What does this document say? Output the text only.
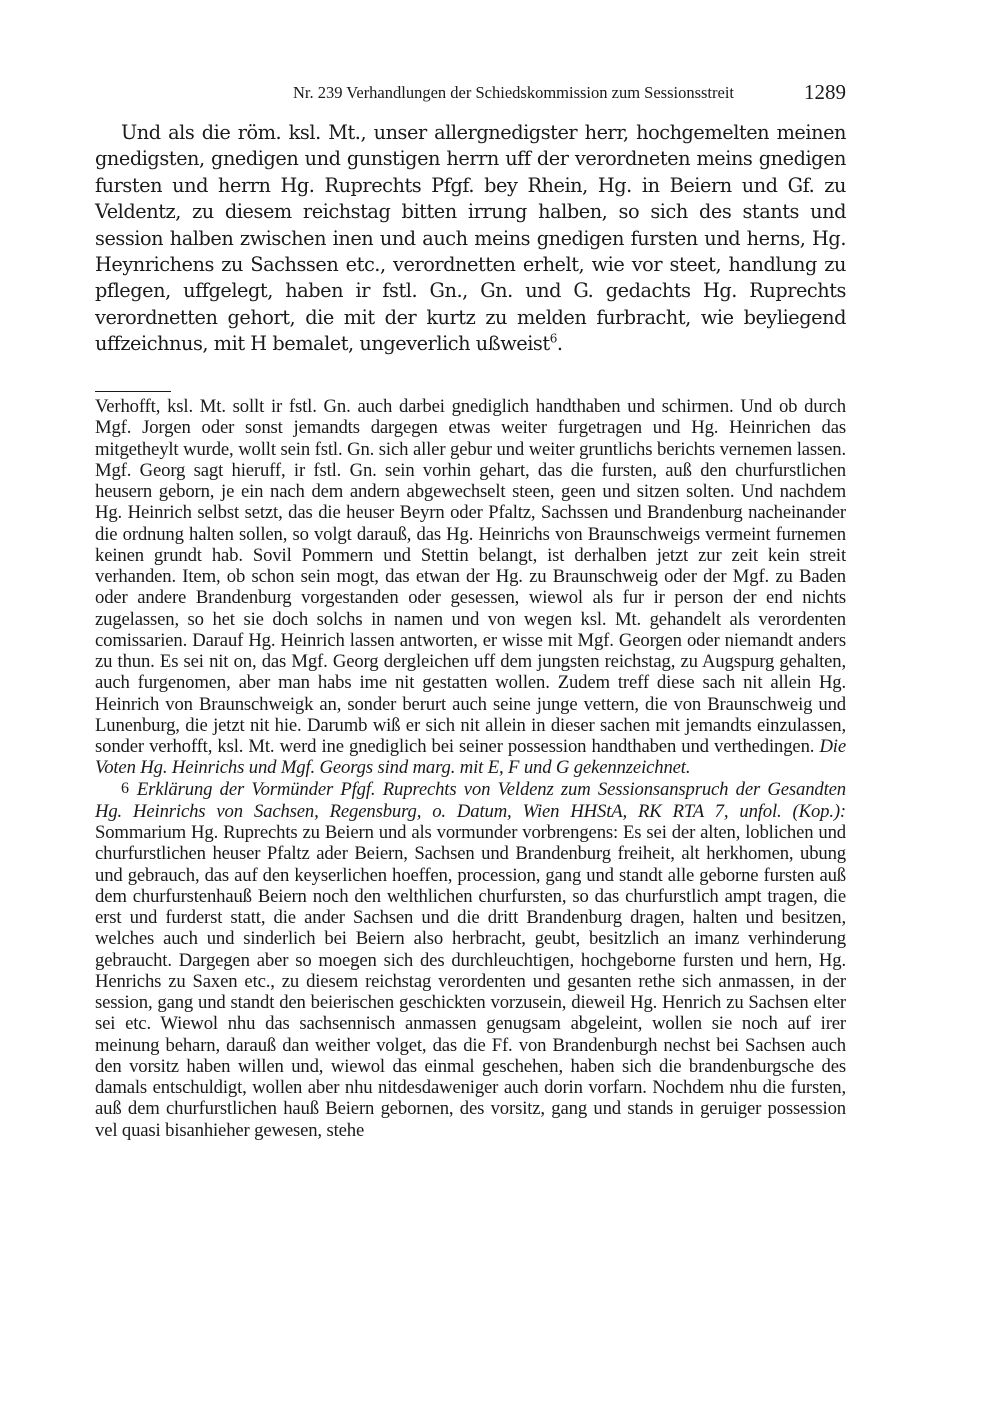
Nr. 239 Verhandlungen der Schiedskommission zum Sessionsstreit	1289

Und als die röm. ksl. Mt., unser allergnedigster herr, hochgemelten meinen gnedigsten, gnedigen und gunstigen herrn uff der verordneten meins gnedigen fursten und herrn Hg. Ruprechts Pfgf. bey Rhein, Hg. in Beiern und Gf. zu Veldentz, zu diesem reichstag bitten irrung halben, so sich des stants und session halben zwischen inen und auch meins gnedigen fursten und herns, Hg. Heynrichens zu Sachssen etc., verordnetten erhelt, wie vor steet, handlung zu pflegen, uffgelegt, haben ir fstl. Gn., Gn. und G. gedachts Hg. Ruprechts verordnetten gehort, die mit der kurtz zu melden furbracht, wie beyliegend uffzeichnus, mit H bemalet, ungeverlich ußweist$^6$.

Verhofft, ksl. Mt. sollt ir fstl. Gn. auch darbei gnediglich handthaben und schirmen. Und ob durch Mgf. Jorgen oder sonst jemandts dargegen etwas weiter furgetragen und Hg. Heinrichen das mitgetheylt wurde, wollt sein fstl. Gn. sich aller gebur und weiter gruntlichs berichts vernemen lassen. Mgf. Georg sagt hieruff, ir fstl. Gn. sein vorhin gehart, das die fursten, auß den churfurstlichen heusern geborn, je ein nach dem andern abgewechselt steen, geen und sitzen solten. Und nachdem Hg. Heinrich selbst setzt, das die heuser Beyrn oder Pfaltz, Sachssen und Brandenburg nacheinander die ordnung halten sollen, so volgt darauß, das Hg. Heinrichs von Braunschweigs vermeint furnemen keinen grundt hab. Sovil Pommern und Stettin belangt, ist derhalben jetzt zur zeit kein streit verhanden. Item, ob schon sein mogt, das etwan der Hg. zu Braunschweig oder der Mgf. zu Baden oder andere Brandenburg vorgestanden oder gesessen, wiewol als fur ir person der end nichts zugelassen, so het sie doch solchs in namen und von wegen ksl. Mt. gehandelt als verordenten comissarien. Darauf Hg. Heinrich lassen antworten, er wisse mit Mgf. Georgen oder niemandt anders zu thun. Es sei nit on, das Mgf. Georg dergleichen uff dem jungsten reichstag, zu Augspurg gehalten, auch furgenomen, aber man habs ime nit gestatten wollen. Zudem treff diese sach nit allein Hg. Heinrich von Braunschweigk an, sonder berurt auch seine junge vettern, die von Braunschweig und Lunenburg, die jetzt nit hie. Darumb wiß er sich nit allein in dieser sachen mit jemandts einzulassen, sonder verhofft, ksl. Mt. werd ine gnediglich bei seiner possession handthaben und verthedingen. Die Voten Hg. Heinrichs und Mgf. Georgs sind marg. mit E, F und G gekennzeichnet.

6 Erklärung der Vormünder Pfgf. Ruprechts von Veldenz zum Sessionsanspruch der Gesandten Hg. Heinrichs von Sachsen, Regensburg, o. Datum, Wien HHStA, RK RTA 7, unfol. (Kop.): Sommarium Hg. Ruprechts zu Beiern und als vormunder vorbrengens: Es sei der alten, loblichen und churfurstlichen heuser Pfaltz ader Beiern, Sachsen und Brandenburg freiheit, alt herkhomen, ubung und gebrauch, das auf den keyserlichen hoeffen, procession, gang und standt alle geborne fursten auß dem churfurstenhauß Beiern noch den welthlichen churfursten, so das churfurstlich ampt tragen, die erst und furderst statt, die ander Sachsen und die dritt Brandenburg dragen, halten und besitzen, welches auch und sinderlich bei Beiern also herbracht, geubt, besitzlich an imanz verhinderung gebraucht. Dargegen aber so moegen sich des durchleuchtigen, hochgeborne fursten und hern, Hg. Henrichs zu Saxen etc., zu diesem reichstag verordenten und gesanten rethe sich anmassen, in der session, gang und standt den beierischen geschickten vorzusein, dieweil Hg. Henrich zu Sachsen elter sei etc. Wiewol nhu das sachsennisch anmassen genugsam abgeleint, wollen sie noch auf irer meinung beharn, darauß dan weither volget, das die Ff. von Brandenburgh nechst bei Sachsen auch den vorsitz haben willen und, wiewol das einmal geschehen, haben sich die brandenburgsche des damals entschuldigt, wollen aber nhu nitdesdaweniger auch dorin vorfarn. Nochdem nhu die fursten, auß dem churfurstlichen hauß Beiern gebornen, des vorsitz, gang und stands in geruiger possession vel quasi bisanhieher gewesen, stehe
